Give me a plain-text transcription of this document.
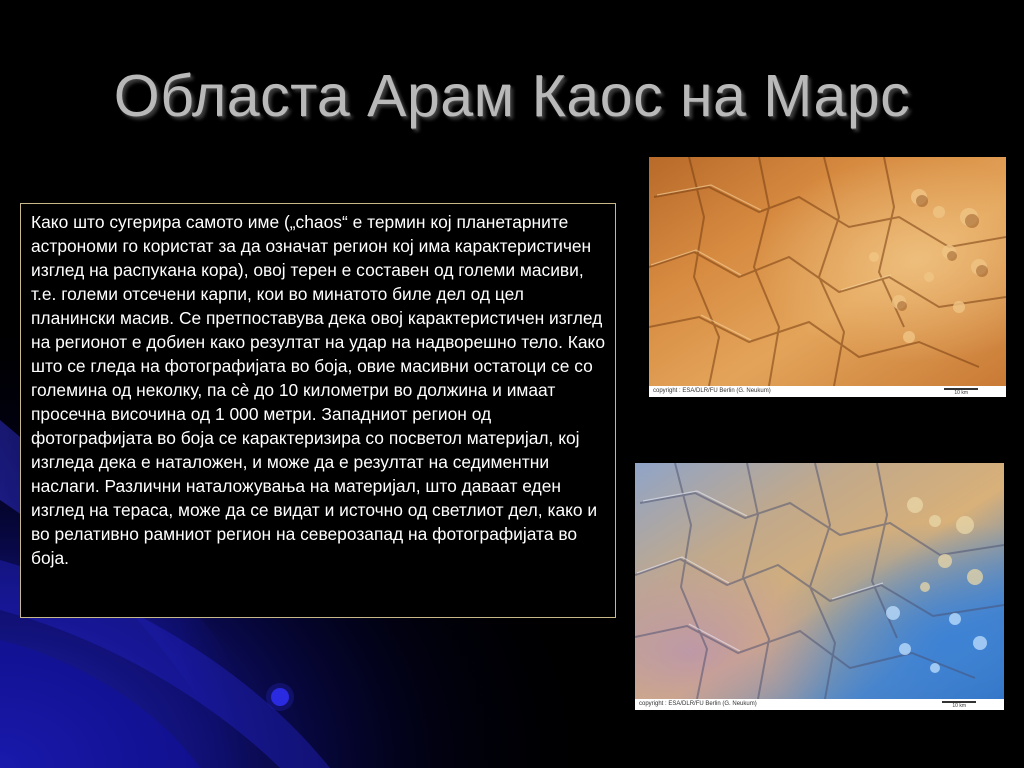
Областа Арам Каос на Марс

Како што сугерира самото име („chaos“ е термин кој планетарните астрономи го користат за да означат регион кој има карактеристичен изглед на распукана кора), овој терен е составен од големи масиви, т.е. големи отсечени карпи, кои во минатото биле дел од цел планински масив. Се претпоставува дека овој карактеристичен изглед на регионот е добиен како резултат на удар на надворешно тело. Како што се гледа на фотографијата во боја, овие масивни остатоци се со големина од неколку, па сè до 10 километри во должина и имаат просечна височина од 1 000 метри. Западниот регион од фотографијата во боја се карактеризира со посветол материјал, кој изгледа дека е наталожен, и може да е резултат на седиментни наслаги. Различни наталожувања на материјал, што даваат еден изглед на тераса, може да се видат и источно од светлиот дел, како и во релативно рамниот регион на северозапад на фотографијата во боја.

copyright : ESA/DLR/FU Berlin (G. Neukum)	10 km
copyright : ESA/DLR/FU Berlin (G. Neukum)	10 km
